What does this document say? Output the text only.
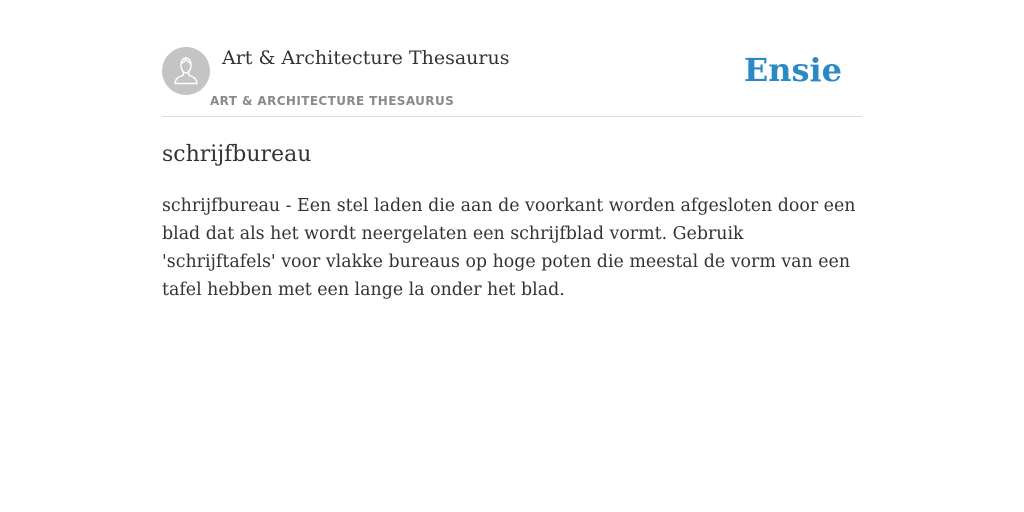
Art & Architecture Thesaurus
ART & ARCHITECTURE THESAURUS
Ensie
schrijfbureau

schrijfbureau - Een stel laden die aan de voorkant worden afgesloten door een blad dat als het wordt neergelaten een schrijfblad vormt. Gebruik 'schrijftafels' voor vlakke bureaus op hoge poten die meestal de vorm van een tafel hebben met een lange la onder het blad.
